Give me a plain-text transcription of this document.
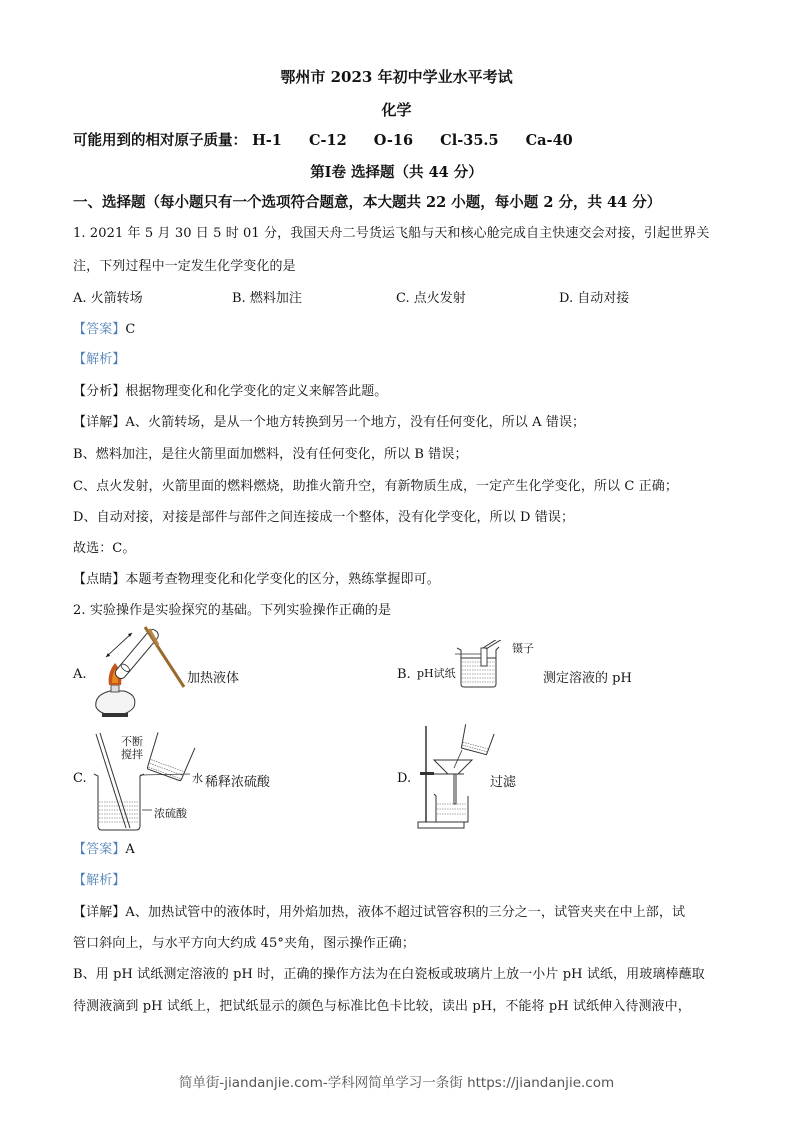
鄂州市 2023 年初中学业水平考试
化学
可能用到的相对原子质量： H-1 C-12 O-16 Cl-35.5 Ca-40
第Ⅰ卷 选择题（共 44 分）
一、选择题（每小题只有一个选项符合题意，本大题共 22 小题，每小题 2 分，共 44 分）
1. 2021 年 5 月 30 日 5 时 01 分，我国天舟二号货运飞船与天和核心舱完成自主快速交会对接，引起世界关
注，下列过程中一定发生化学变化的是
A. 火箭转场	B. 燃料加注	C. 点火发射	D. 自动对接
【答案】C
【解析】
【分析】根据物理变化和化学变化的定义来解答此题。
【详解】A、火箭转场，是从一个地方转换到另一个地方，没有任何变化，所以 A 错误；
B、燃料加注，是往火箭里面加燃料，没有任何变化，所以 B 错误；
C、点火发射，火箭里面的燃料燃烧，助推火箭升空，有新物质生成，一定产生化学变化，所以 C 正确；
D、自动对接，对接是部件与部件之间连接成一个整体，没有化学变化，所以 D 错误；
故选：C。
【点睛】本题考查物理变化和化学变化的区分，熟练掌握即可。
2. 实验操作是实验探究的基础。下列实验操作正确的是
A.	加热液体	B. pH试纸
镊子
测定溶液的 pH
C.
不断搅拌
水 稀释浓硫酸
浓硫酸
D.	过滤
【答案】A
【解析】
【详解】A、加热试管中的液体时，用外焰加热，液体不超过试管容积的三分之一，试管夹夹在中上部，试
管口斜向上，与水平方向大约成 45°夹角，图示操作正确；
B、用 pH 试纸测定溶液的 pH 时，正确的操作方法为在白瓷板或玻璃片上放一小片 pH 试纸，用玻璃棒蘸取
待测液滴到 pH 试纸上，把试纸显示的颜色与标准比色卡比较，读出 pH，不能将 pH 试纸伸入待测液中，
简单街-jiandanjie.com-学科网简单学习一条街 https://jiandanjie.com
